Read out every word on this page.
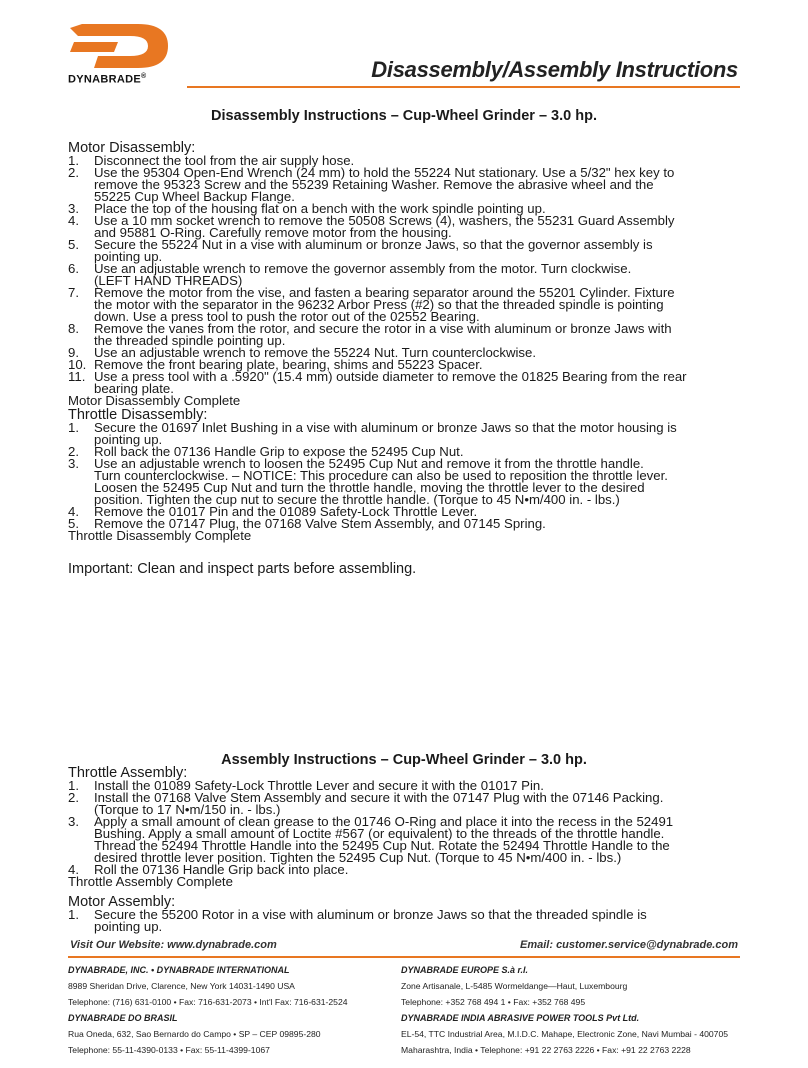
DYNABRADE®	Disassembly/Assembly Instructions
Disassembly Instructions – Cup-Wheel Grinder – 3.0 hp.
Motor Disassembly:
1. Disconnect the tool from the air supply hose.
2. Use the 95304 Open-End Wrench (24 mm) to hold the 55224 Nut stationary. Use a 5/32" hex key to
remove the 95323 Screw and the 55239 Retaining Washer. Remove the abrasive wheel and the
55225 Cup Wheel Backup Flange.
3. Place the top of the housing flat on a bench with the work spindle pointing up.
4. Use a 10 mm socket wrench to remove the 50508 Screws (4), washers, the 55231 Guard Assembly
and 95881 O-Ring. Carefully remove motor from the housing.
5. Secure the 55224 Nut in a vise with aluminum or bronze Jaws, so that the governor assembly is
pointing up.
6. Use an adjustable wrench to remove the governor assembly from the motor. Turn clockwise.
(LEFT HAND THREADS)
7. Remove the motor from the vise, and fasten a bearing separator around the 55201 Cylinder. Fixture
the motor with the separator in the 96232 Arbor Press (#2) so that the threaded spindle is pointing
down. Use a press tool to push the rotor out of the 02552 Bearing.
8. Remove the vanes from the rotor, and secure the rotor in a vise with aluminum or bronze Jaws with
the threaded spindle pointing up.
9. Use an adjustable wrench to remove the 55224 Nut. Turn counterclockwise.
10. Remove the front bearing plate, bearing, shims and 55223 Spacer.
11. Use a press tool with a .5920" (15.4 mm) outside diameter to remove the 01825 Bearing from the rear
bearing plate.
Motor Disassembly Complete
Throttle Disassembly:
1. Secure the 01697 Inlet Bushing in a vise with aluminum or bronze Jaws so that the motor housing is
pointing up.
2. Roll back the 07136 Handle Grip to expose the 52495 Cup Nut.
3. Use an adjustable wrench to loosen the 52495 Cup Nut and remove it from the throttle handle.
Turn counterclockwise. – NOTICE: This procedure can also be used to reposition the throttle lever.
Loosen the 52495 Cup Nut and turn the throttle handle, moving the throttle lever to the desired
position. Tighten the cup nut to secure the throttle handle. (Torque to 45 N•m/400 in. - lbs.)
4. Remove the 01017 Pin and the 01089 Safety-Lock Throttle Lever.
5. Remove the 07147 Plug, the 07168 Valve Stem Assembly, and 07145 Spring.
Throttle Disassembly Complete
Important: Clean and inspect parts before assembling.
Assembly Instructions – Cup-Wheel Grinder – 3.0 hp.
Throttle Assembly:
1. Install the 01089 Safety-Lock Throttle Lever and secure it with the 01017 Pin.
2. Install the 07168 Valve Stem Assembly and secure it with the 07147 Plug with the 07146 Packing.
(Torque to 17 N•m/150 in. - lbs.)
3. Apply a small amount of clean grease to the 01746 O-Ring and place it into the recess in the 52491
Bushing. Apply a small amount of Loctite #567 (or equivalent) to the threads of the throttle handle.
Thread the 52494 Throttle Handle into the 52495 Cup Nut. Rotate the 52494 Throttle Handle to the
desired throttle lever position. Tighten the 52495 Cup Nut. (Torque to 45 N•m/400 in. - lbs.)
4. Roll the 07136 Handle Grip back into place.
Throttle Assembly Complete
Motor Assembly:
1. Secure the 55200 Rotor in a vise with aluminum or bronze Jaws so that the threaded spindle is
pointing up.
Visit Our Website: www.dynabrade.com	Email: customer.service@dynabrade.com
DYNABRADE, INC. • DYNABRADE INTERNATIONAL
8989 Sheridan Drive, Clarence, New York 14031-1490 USA
Telephone: (716) 631-0100 • Fax: 716-631-2073 • Int'l Fax: 716-631-2524
DYNABRADE EUROPE S.à r.l.
Zone Artisanale, L-5485 Wormeldange—Haut, Luxembourg
Telephone: +352 768 494 1 • Fax: +352 768 495
DYNABRADE DO BRASIL
Rua Oneda, 632, Sao Bernardo do Campo • SP – CEP 09895-280
Telephone: 55-11-4390-0133 • Fax: 55-11-4399-1067
DYNABRADE INDIA ABRASIVE POWER TOOLS Pvt Ltd.
EL-54, TTC Industrial Area, M.I.D.C. Mahape, Electronic Zone, Navi Mumbai - 400705
Maharashtra, India • Telephone: +91 22 2763 2226 • Fax: +91 22 2763 2228
